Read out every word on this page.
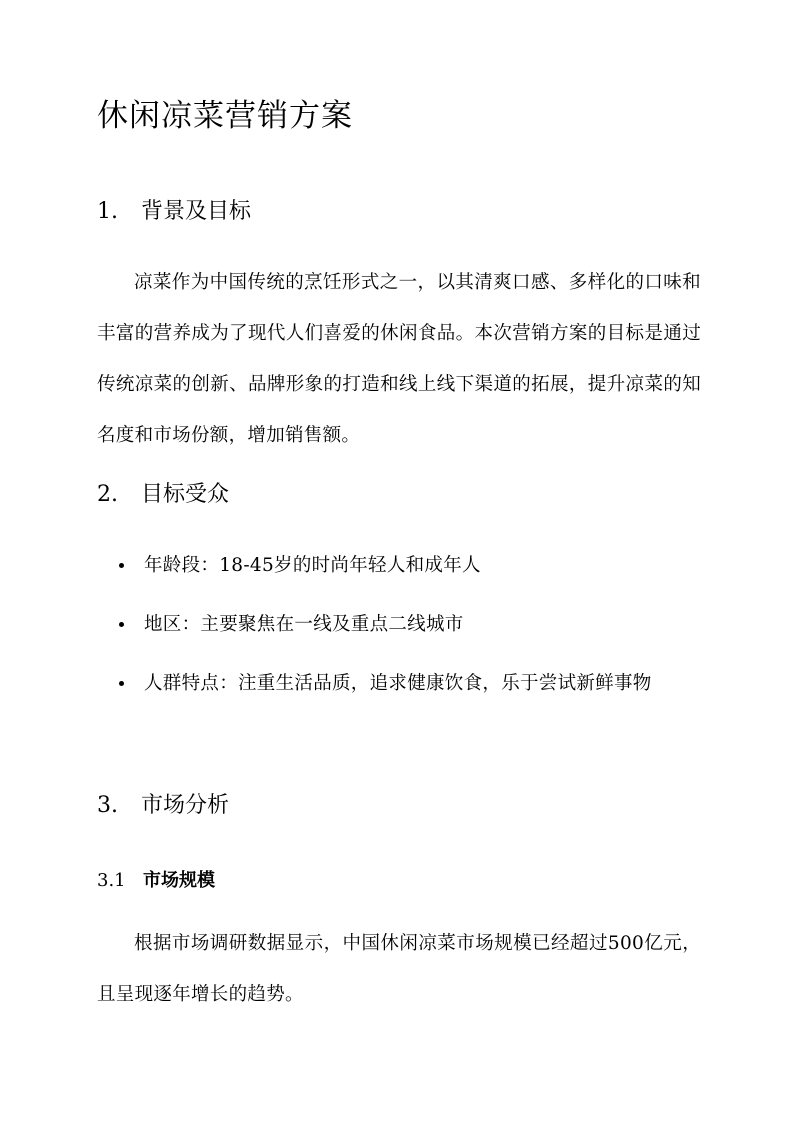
休闲凉菜营销方案
1. 背景及目标
凉菜作为中国传统的烹饪形式之一，以其清爽口感、多样化的口味和丰富的营养成为了现代人们喜爱的休闲食品。本次营销方案的目标是通过传统凉菜的创新、品牌形象的打造和线上线下渠道的拓展，提升凉菜的知名度和市场份额，增加销售额。
2. 目标受众
年龄段：18-45岁的时尚年轻人和成年人
地区：主要聚焦在一线及重点二线城市
人群特点：注重生活品质，追求健康饮食，乐于尝试新鲜事物
3. 市场分析
3.1 市场规模
根据市场调研数据显示，中国休闲凉菜市场规模已经超过500亿元，且呈现逐年增长的趋势。
